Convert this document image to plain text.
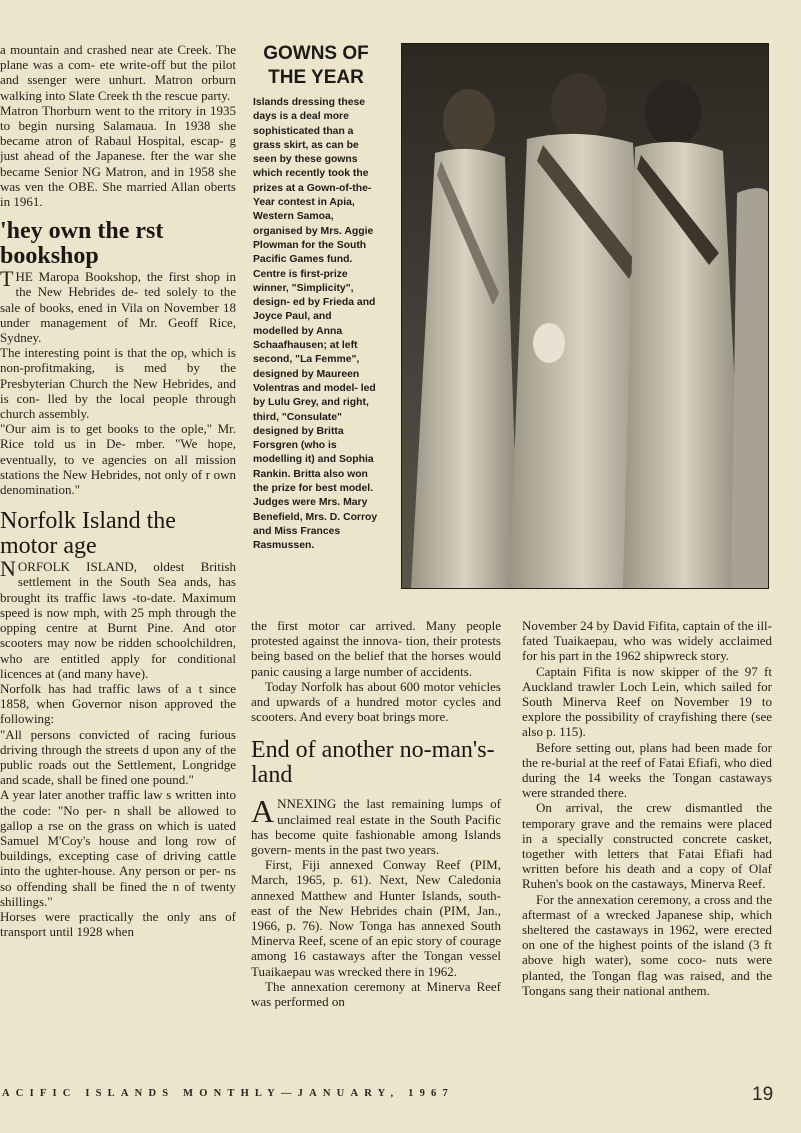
a mountain and crashed near ate Creek. The plane was a com- ete write-off but the pilot and ssenger were unhurt. Matron orburn walking into Slate Creek th the rescue party.

Matron Thorburn went to the rritory in 1935 to begin nursing Salamaua. In 1938 she became atron of Rabaul Hospital, escap- g just ahead of the Japanese. fter the war she became Senior NG Matron, and in 1958 she was ven the OBE. She married Allan oberts in 1961.

'hey own the rst bookshop

THE Maropa Bookshop, the first shop in the New Hebrides de- ted solely to the sale of books, ened in Vila on November 18 under management of Mr. Geoff Rice, Sydney.

The interesting point is that the op, which is non-profitmaking, is med by the Presbyterian Church the New Hebrides, and is con- lled by the local people through church assembly.

"Our aim is to get books to the ople," Mr. Rice told us in De- mber. "We hope, eventually, to ve agencies on all mission stations the New Hebrides, not only of r own denomination."

Norfolk Island the motor age

NORFOLK ISLAND, oldest British settlement in the South Sea ands, has brought its traffic laws -to-date. Maximum speed is now mph, with 25 mph through the opping centre at Burnt Pine. And otor scooters may now be ridden schoolchildren, who are entitled apply for conditional licences at (and many have).

Norfolk has had traffic laws of a t since 1858, when Governor nison approved the following:

"All persons convicted of racing furious driving through the streets d upon any of the public roads out the Settlement, Longridge and scade, shall be fined one pound."

A year later another traffic law s written into the code: "No per- n shall be allowed to gallop a rse on the grass on which is uated Samuel M'Coy's house and long row of buildings, excepting case of driving cattle into the ughter-house. Any person or per- ns so offending shall be fined the n of twenty shillings."

Horses were practically the only ans of transport until 1928 when

GOWNS OF
THE YEAR

Islands dressing these days is a deal more sophisticated than a grass skirt, as can be seen by these gowns which recently took the prizes at a Gown-of-the-Year contest in Apia, Western Samoa, organised by Mrs. Aggie Plowman for the South Pacific Games fund. Centre is first-prize winner, "Simplicity", design- ed by Frieda and Joyce Paul, and modelled by Anna Schaafhausen; at left second, "La Femme", designed by Maureen Volentras and model- led by Lulu Grey, and right, third, "Consulate" designed by Britta Forsgren (who is modelling it) and Sophia Rankin. Britta also won the prize for best model. Judges were Mrs. Mary Benefield, Mrs. D. Corroy and Miss Frances Rasmussen.

the first motor car arrived. Many people protested against the innova- tion, their protests being based on the belief that the horses would panic causing a large number of accidents.

Today Norfolk has about 600 motor vehicles and upwards of a hundred motor cycles and scooters. And every boat brings more.

End of another no-man's-land

ANNEXING the last remaining lumps of unclaimed real estate in the South Pacific has become quite fashionable among Islands govern- ments in the past two years.

First, Fiji annexed Conway Reef (PIM, March, 1965, p. 61). Next, New Caledonia annexed Matthew and Hunter Islands, south-east of the New Hebrides chain (PIM, Jan., 1966, p. 76). Now Tonga has annexed South Minerva Reef, scene of an epic story of courage among 16 castaways after the Tongan vessel Tuaikaepau was wrecked there in 1962.

The annexation ceremony at Minerva Reef was performed on

November 24 by David Fifita, captain of the ill-fated Tuaikaepau, who was widely acclaimed for his part in the 1962 shipwreck story.

Captain Fifita is now skipper of the 97 ft Auckland trawler Loch Lein, which sailed for South Minerva Reef on November 19 to explore the possibility of crayfishing there (see also p. 115).

Before setting out, plans had been made for the re-burial at the reef of Fatai Efiafi, who died during the 14 weeks the Tongan castaways were stranded there.

On arrival, the crew dismantled the temporary grave and the remains were placed in a specially constructed concrete casket, together with letters that Fatai Efiafi had written before his death and a copy of Olaf Ruhen's book on the castaways, Minerva Reef.

For the annexation ceremony, a cross and the aftermast of a wrecked Japanese ship, which sheltered the castaways in 1962, were erected on one of the highest points of the island (3 ft above high water), some coco- nuts were planted, the Tongan flag was raised, and the Tongans sang their national anthem.

ACIFIC ISLANDS MONTHLY—JANUARY, 1967	19
